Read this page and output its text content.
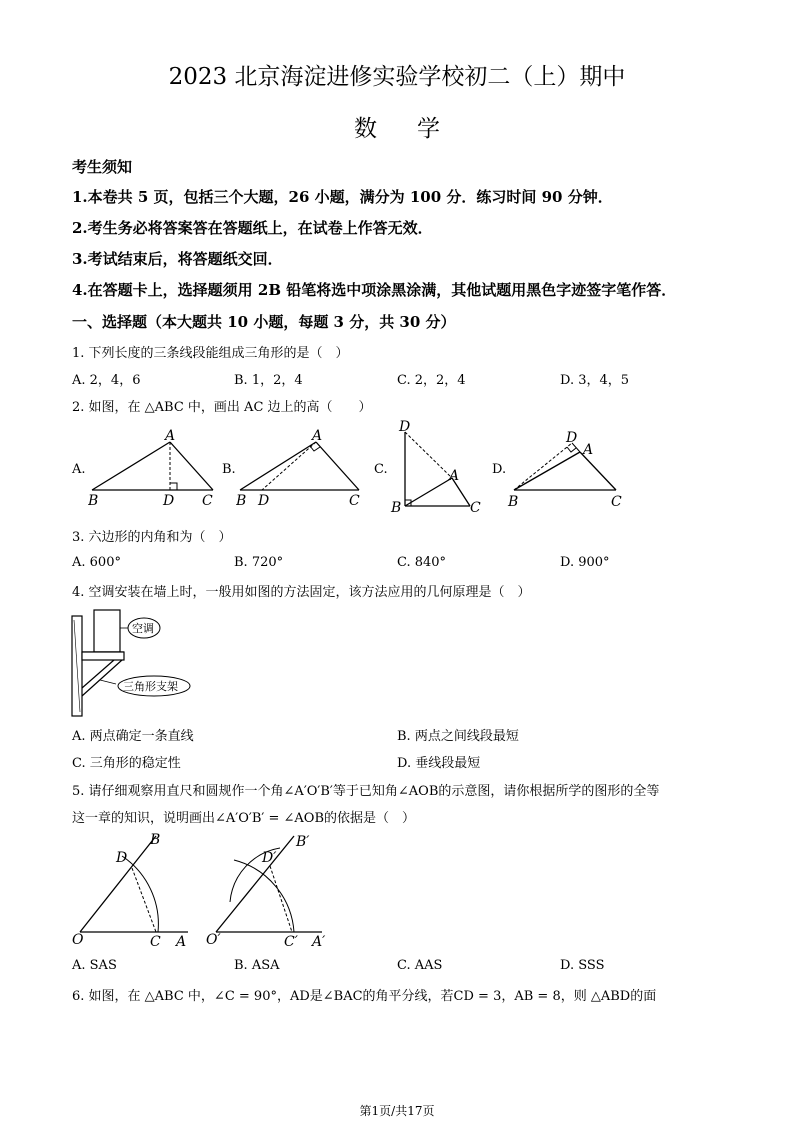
2023 北京海淀进修实验学校初二（上）期中
数学
考生须知
1.本卷共 5 页，包括三个大题，26 小题，满分为 100 分．练习时间 90 分钟．
2.考生务必将答案答在答题纸上，在试卷上作答无效．
3.考试结束后，将答题纸交回．
4.在答题卡上，选择题须用 2B 铅笔将选中项涂黑涂满，其他试题用黑色字迹签字笔作答．
一、选择题（本大题共 10 小题，每题 3 分，共 30 分）
1. 下列长度的三条线段能组成三角形的是（　）
A. 2，4，6	B. 1，2，4	C. 2，2，4	D. 3，4，5
2. 如图，在 △ABC 中，画出 AC 边上的高（　　）
A.
A
B	D C
B.
A
B D	C
C.
D
A
B	C
D.
D
A
B	C
3. 六边形的内角和为（　）
A. 600°	B. 720°	C. 840°	D. 900°
4. 空调安装在墙上时，一般用如图的方法固定，该方法应用的几何原理是（　）
空调
三角形支架
A. 两点确定一条直线	B. 两点之间线段最短
C. 三角形的稳定性	D. 垂线段最短
5. 请仔细观察用直尺和圆规作一个角∠A′O′B′等于已知角∠AOB的示意图，请你根据所学的图形的全等
这一章的知识，说明画出∠A′O′B′ = ∠AOB的依据是（　）
B
D
O	C A
B′
D′
O′	C′ A′
A. SAS	B. ASA	C. AAS	D. SSS
6. 如图，在 △ABC 中，∠C = 90°，AD是∠BAC的角平分线，若CD = 3，AB = 8，则 △ABD的面
第1页/共17页
